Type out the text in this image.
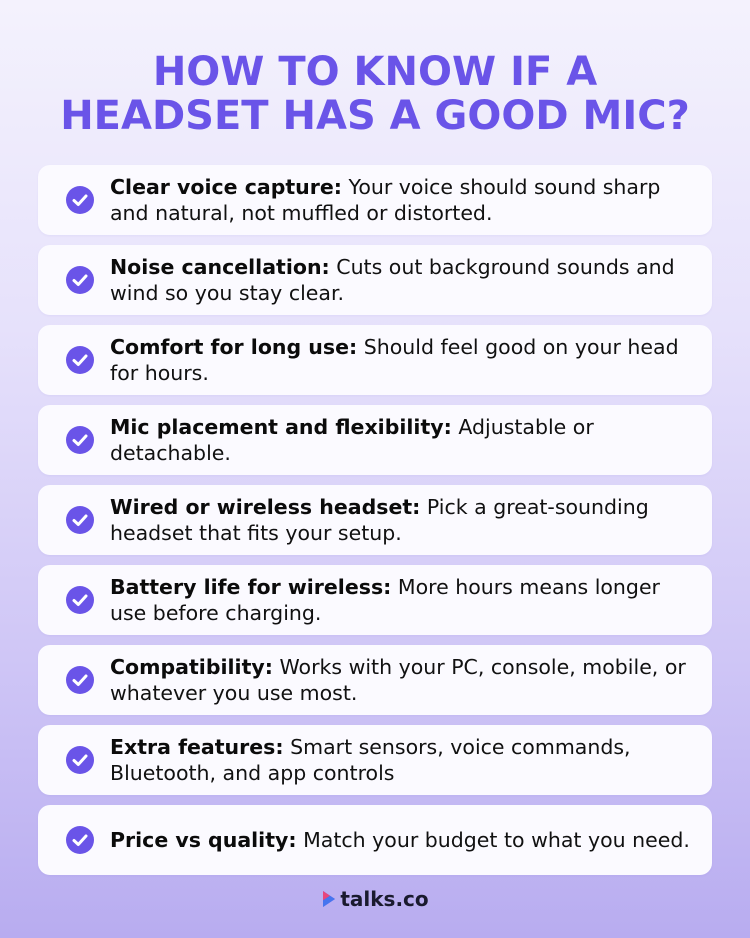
HOW TO KNOW IF A
HEADSET HAS A GOOD MIC?
Clear voice capture: Your voice should sound sharp and natural, not muffled or distorted.
Noise cancellation: Cuts out background sounds and wind so you stay clear.
Comfort for long use: Should feel good on your head for hours.
Mic placement and flexibility: Adjustable or detachable.
Wired or wireless headset: Pick a great-sounding headset that fits your setup.
Battery life for wireless: More hours means longer use before charging.
Compatibility: Works with your PC, console, mobile, or whatever you use most.
Extra features: Smart sensors, voice commands, Bluetooth, and app controls
Price vs quality: Match your budget to what you need.
talks.co
